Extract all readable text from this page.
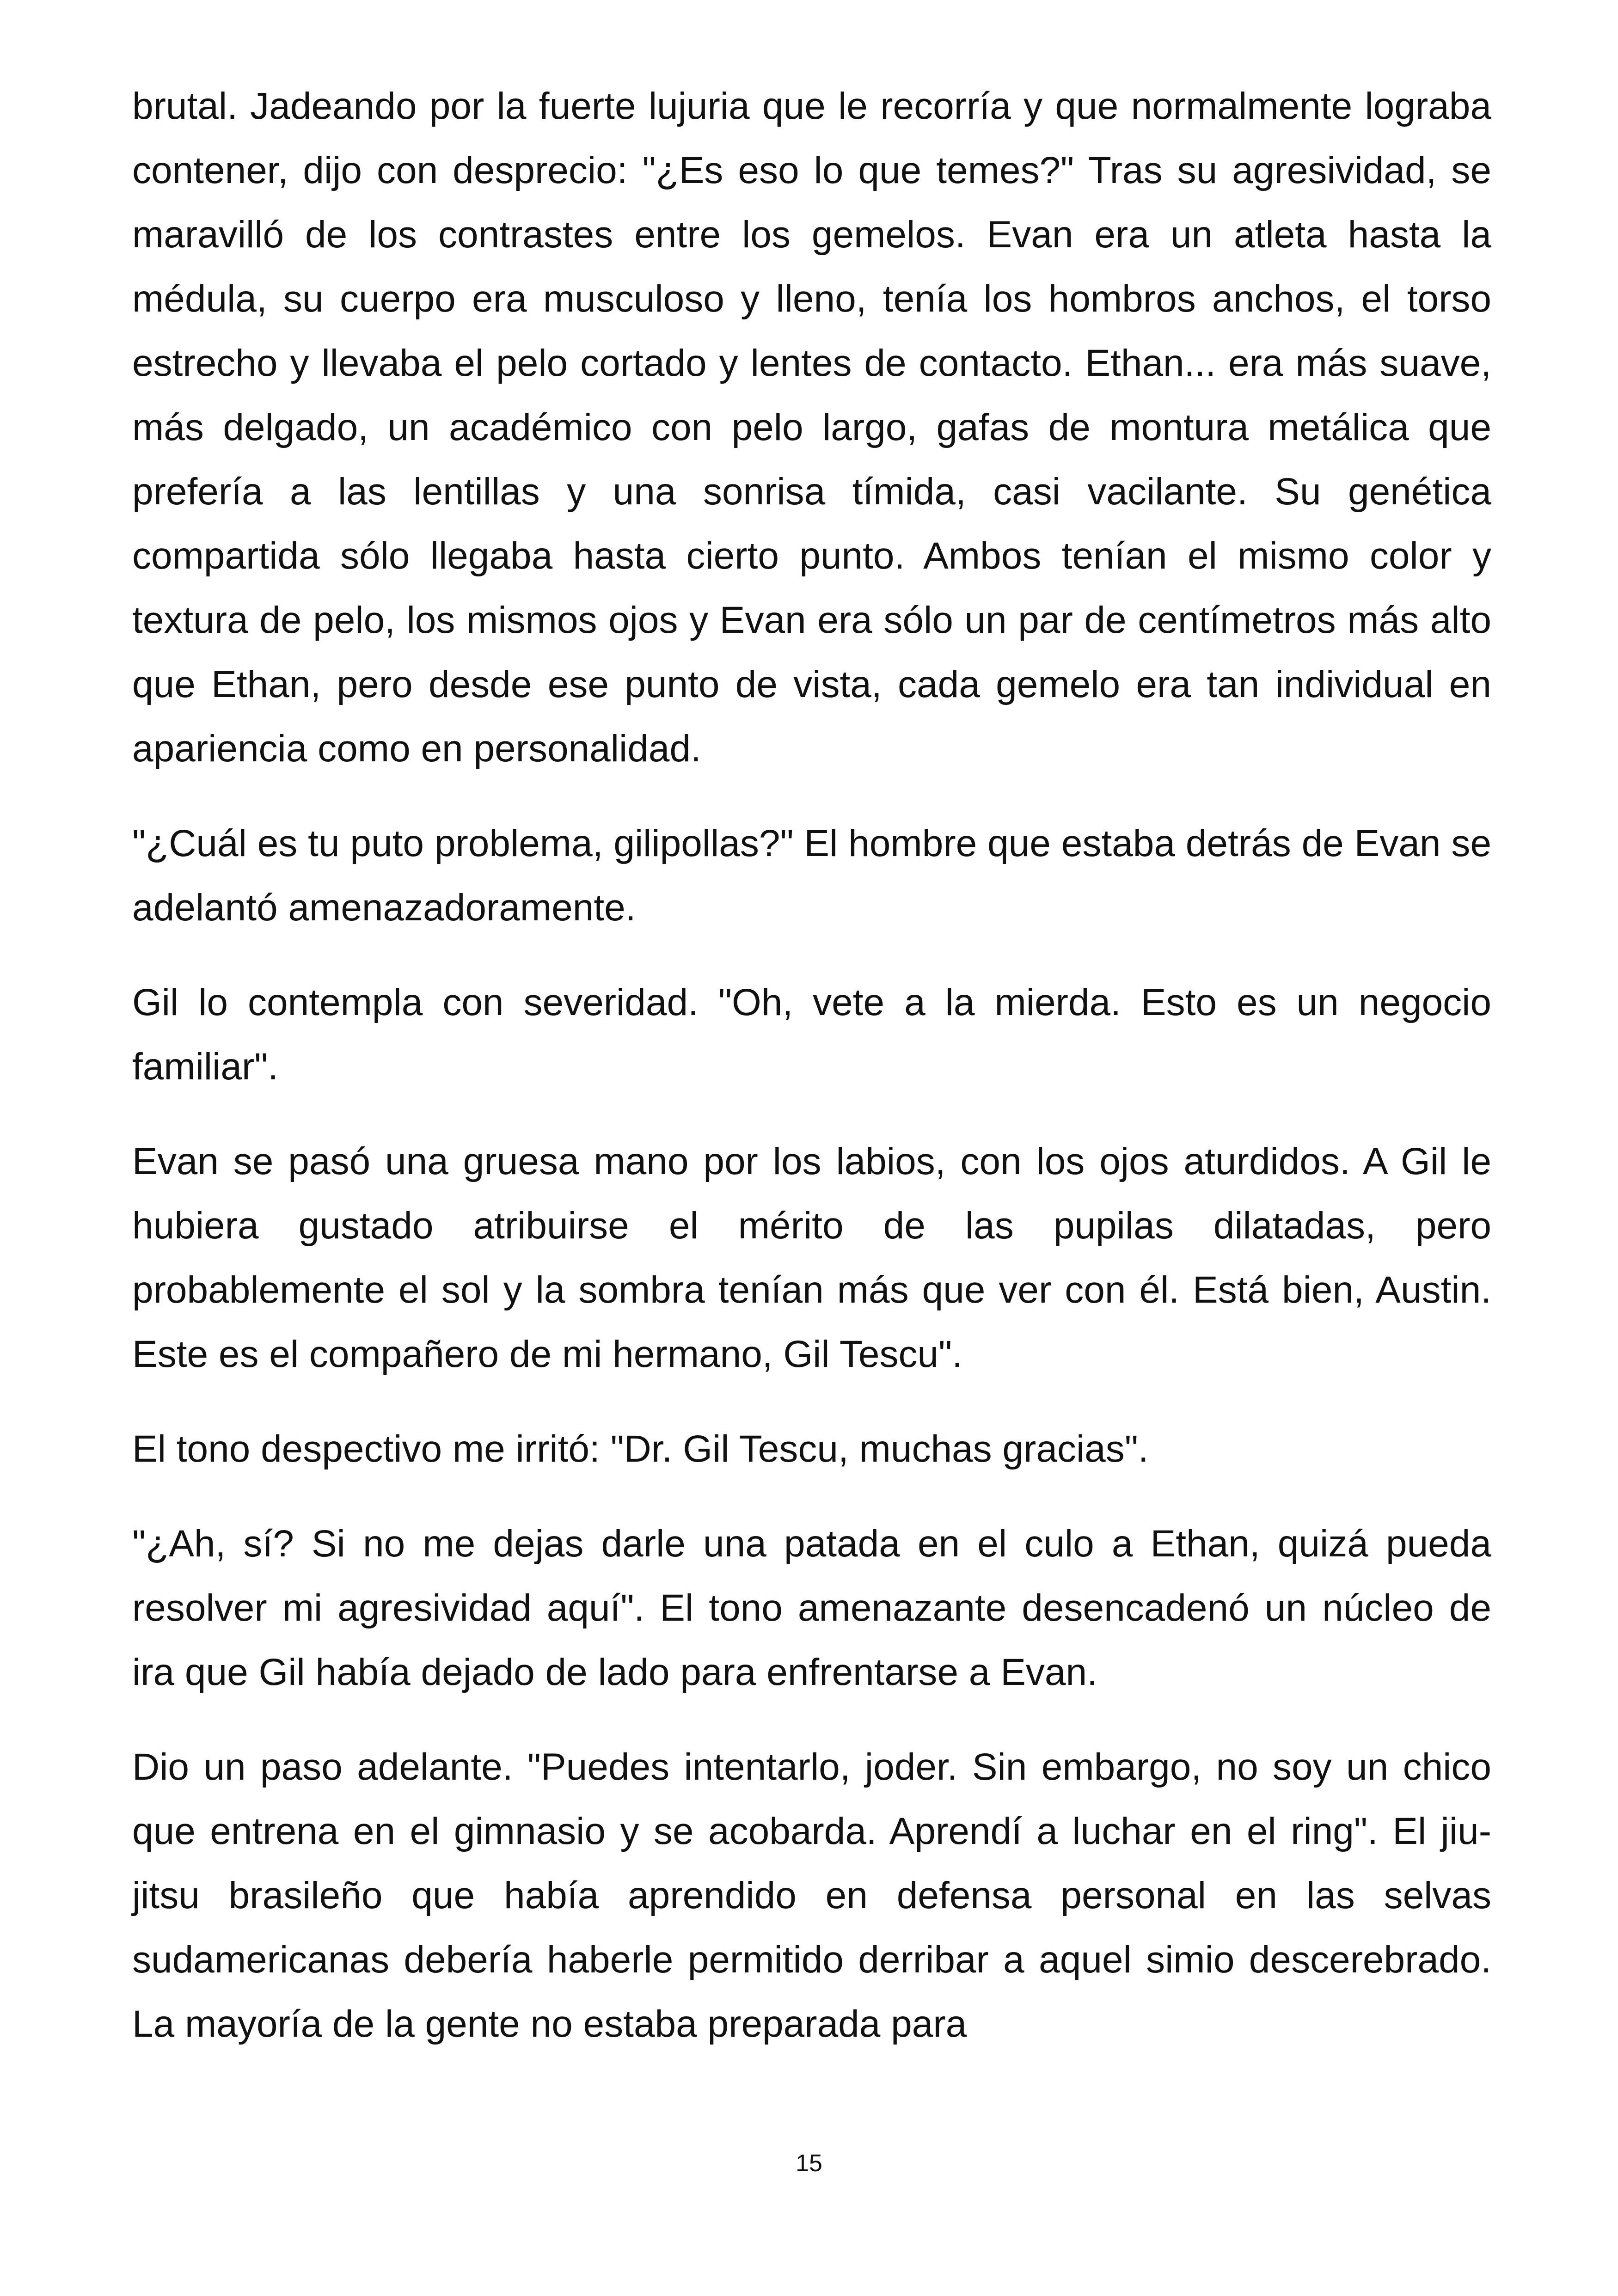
brutal. Jadeando por la fuerte lujuria que le recorría y que normalmente lograba contener, dijo con desprecio: "¿Es eso lo que temes?" Tras su agresividad, se maravilló de los contrastes entre los gemelos. Evan era un atleta hasta la médula, su cuerpo era musculoso y lleno, tenía los hombros anchos, el torso estrecho y llevaba el pelo cortado y lentes de contacto. Ethan... era más suave, más delgado, un académico con pelo largo, gafas de montura metálica que prefería a las lentillas y una sonrisa tímida, casi vacilante. Su genética compartida sólo llegaba hasta cierto punto. Ambos tenían el mismo color y textura de pelo, los mismos ojos y Evan era sólo un par de centímetros más alto que Ethan, pero desde ese punto de vista, cada gemelo era tan individual en apariencia como en personalidad.

"¿Cuál es tu puto problema, gilipollas?" El hombre que estaba detrás de Evan se adelantó amenazadoramente.

Gil lo contempla con severidad. "Oh, vete a la mierda. Esto es un negocio familiar".

Evan se pasó una gruesa mano por los labios, con los ojos aturdidos. A Gil le hubiera gustado atribuirse el mérito de las pupilas dilatadas, pero probablemente el sol y la sombra tenían más que ver con él. Está bien, Austin. Este es el compañero de mi hermano, Gil Tescu".

El tono despectivo me irritó: "Dr. Gil Tescu, muchas gracias".

"¿Ah, sí? Si no me dejas darle una patada en el culo a Ethan, quizá pueda resolver mi agresividad aquí". El tono amenazante desencadenó un núcleo de ira que Gil había dejado de lado para enfrentarse a Evan.

Dio un paso adelante. "Puedes intentarlo, joder. Sin embargo, no soy un chico que entrena en el gimnasio y se acobarda. Aprendí a luchar en el ring". El jiu-jitsu brasileño que había aprendido en defensa personal en las selvas sudamericanas debería haberle permitido derribar a aquel simio descerebrado. La mayoría de la gente no estaba preparada para

15
